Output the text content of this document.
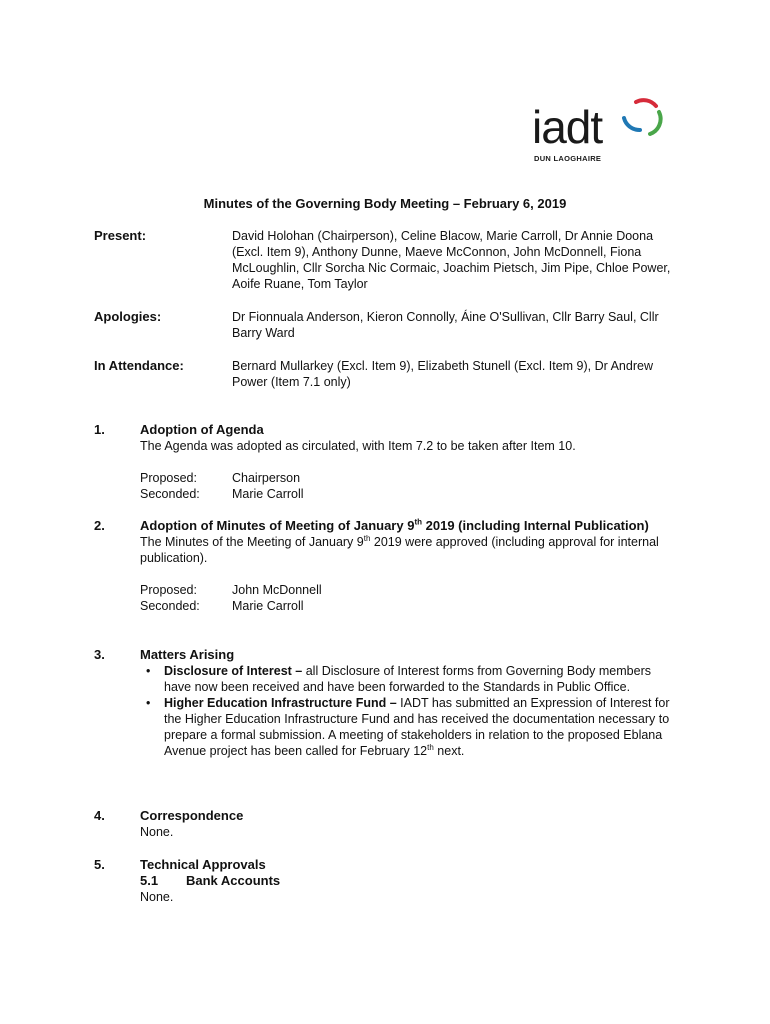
iadt
DUN LAOGHAIRE
Minutes of the Governing Body Meeting – February 6, 2019
Present:	David Holohan (Chairperson), Celine Blacow, Marie Carroll, Dr Annie Doona (Excl. Item 9), Anthony Dunne, Maeve McConnon, John McDonnell, Fiona McLoughlin, Cllr Sorcha Nic Cormaic, Joachim Pietsch, Jim Pipe, Chloe Power, Aoife Ruane, Tom Taylor
Apologies:	Dr Fionnuala Anderson, Kieron Connolly, Áine O'Sullivan, Cllr Barry Saul, Cllr Barry Ward
In Attendance:	Bernard Mullarkey (Excl. Item 9), Elizabeth Stunell (Excl. Item 9), Dr Andrew Power (Item 7.1 only)
1.	Adoption of Agenda
The Agenda was adopted as circulated, with Item 7.2 to be taken after Item 10.
Proposed:	Chairperson
Seconded:	Marie Carroll
2.	Adoption of Minutes of Meeting of January 9th 2019 (including Internal Publication)
The Minutes of the Meeting of January 9th 2019 were approved (including approval for internal publication).
Proposed:	John McDonnell
Seconded:	Marie Carroll
3.	Matters Arising
• Disclosure of Interest – all Disclosure of Interest forms from Governing Body members have now been received and have been forwarded to the Standards in Public Office.
• Higher Education Infrastructure Fund – IADT has submitted an Expression of Interest for the Higher Education Infrastructure Fund and has received the documentation necessary to prepare a formal submission. A meeting of stakeholders in relation to the proposed Eblana Avenue project has been called for February 12th next.
4.	Correspondence
None.
5.	Technical Approvals
5.1 Bank Accounts
None.
